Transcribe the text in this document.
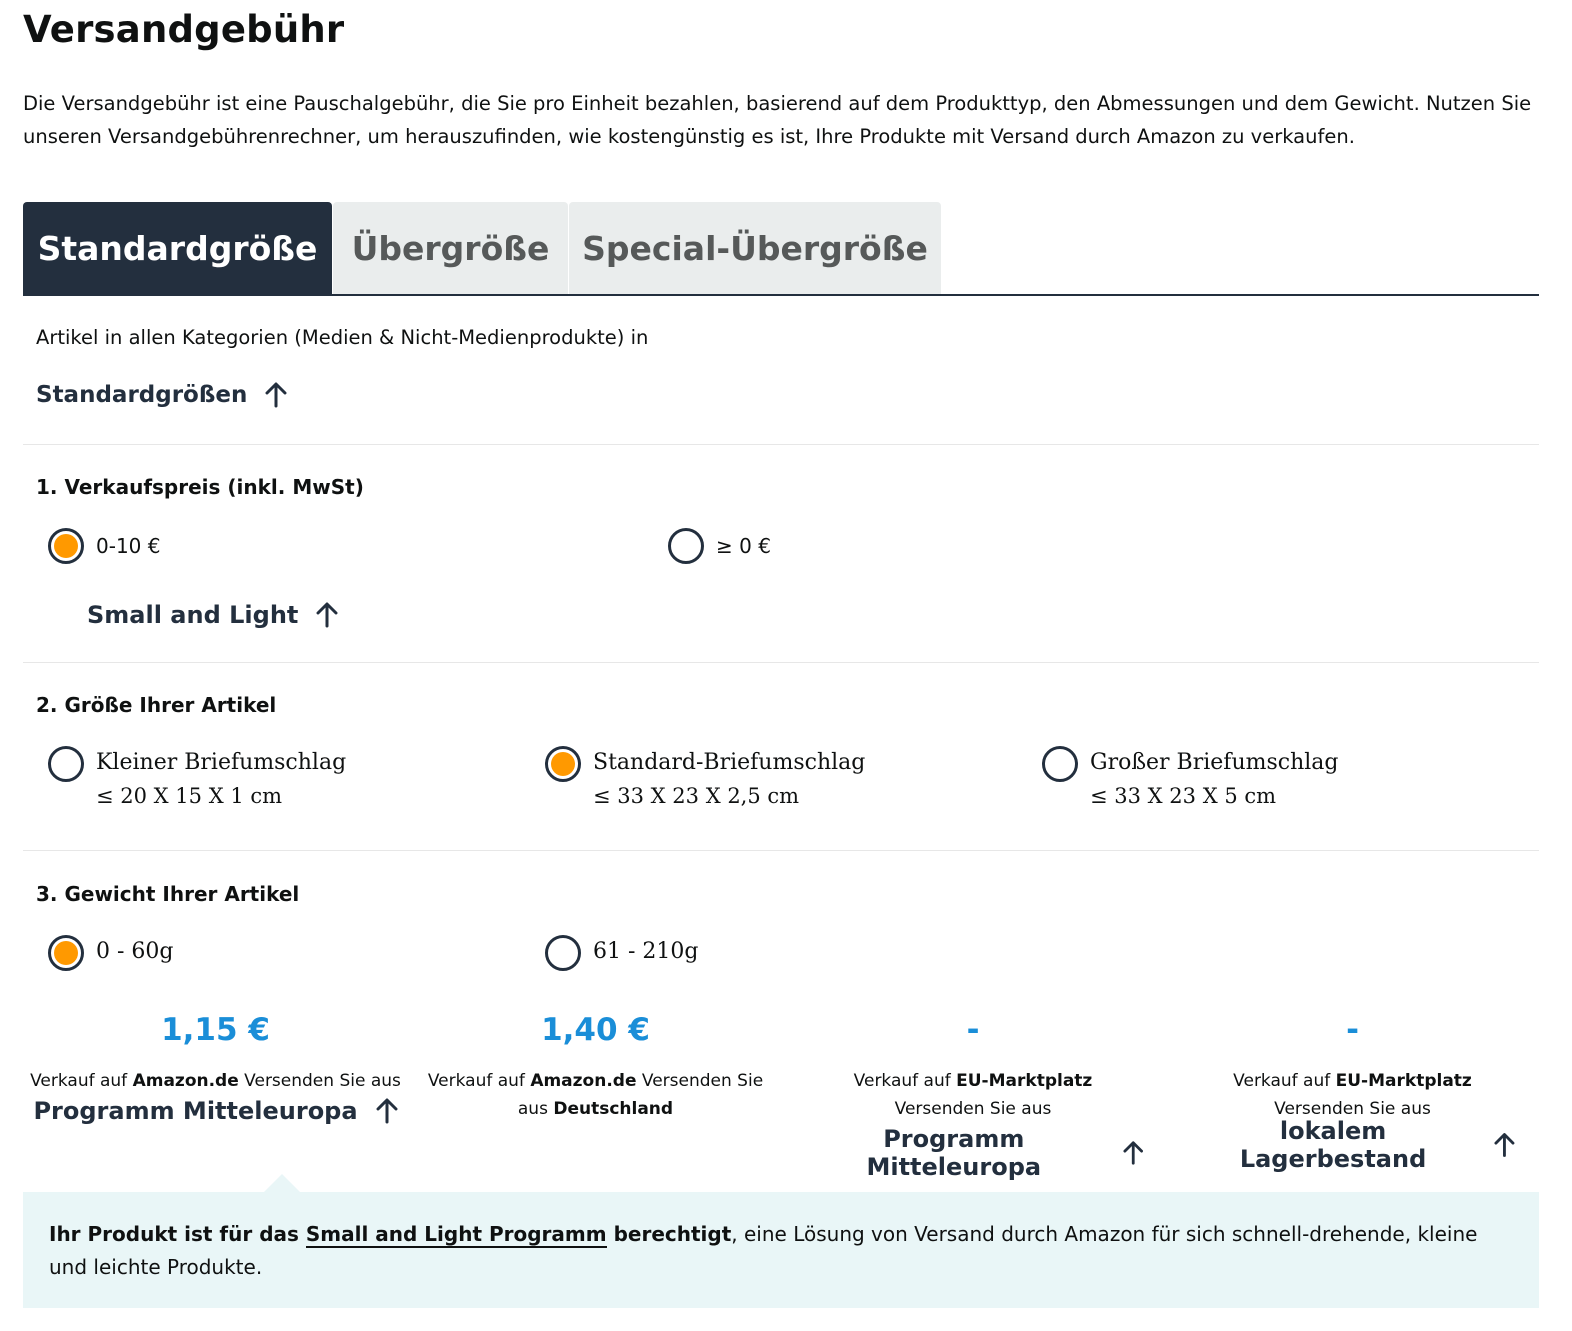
Versandgebühr

Die Versandgebühr ist eine Pauschalgebühr, die Sie pro Einheit bezahlen, basierend auf dem Produkttyp, den Abmessungen und dem Gewicht. Nutzen Sie unseren Versandgebührenrechner, um herauszufinden, wie kostengünstig es ist, Ihre Produkte mit Versand durch Amazon zu verkaufen.

Standardgröße	Übergröße Special-Übergröße
Artikel in allen Kategorien (Medien & Nicht-Medienprodukte) in
Standardgrößen
1. Verkaufspreis (inkl. MwSt)
0-10 €	≥ 0 €
Small and Light
2. Größe Ihrer Artikel
Kleiner Briefumschlag
≤ 20 X 15 X 1 cm
Standard-Briefumschlag
≤ 33 X 23 X 2,5 cm
Großer Briefumschlag
≤ 33 X 23 X 5 cm
3. Gewicht Ihrer Artikel
0 - 60g	61 - 210g
1,15 €
Verkauf auf Amazon.de Versenden Sie aus
Programm Mitteleuropa
1,40 €
Verkauf auf Amazon.de Versenden Sie aus Deutschland
-
Verkauf auf EU-Marktplatz Versenden Sie aus
Programm Mitteleuropa
-
Verkauf auf EU-Marktplatz Versenden Sie aus
lokalem Lagerbestand
Ihr Produkt ist für das Small and Light Programm berechtigt, eine Lösung von Versand durch Amazon für sich schnell-drehende, kleine und leichte Produkte.
